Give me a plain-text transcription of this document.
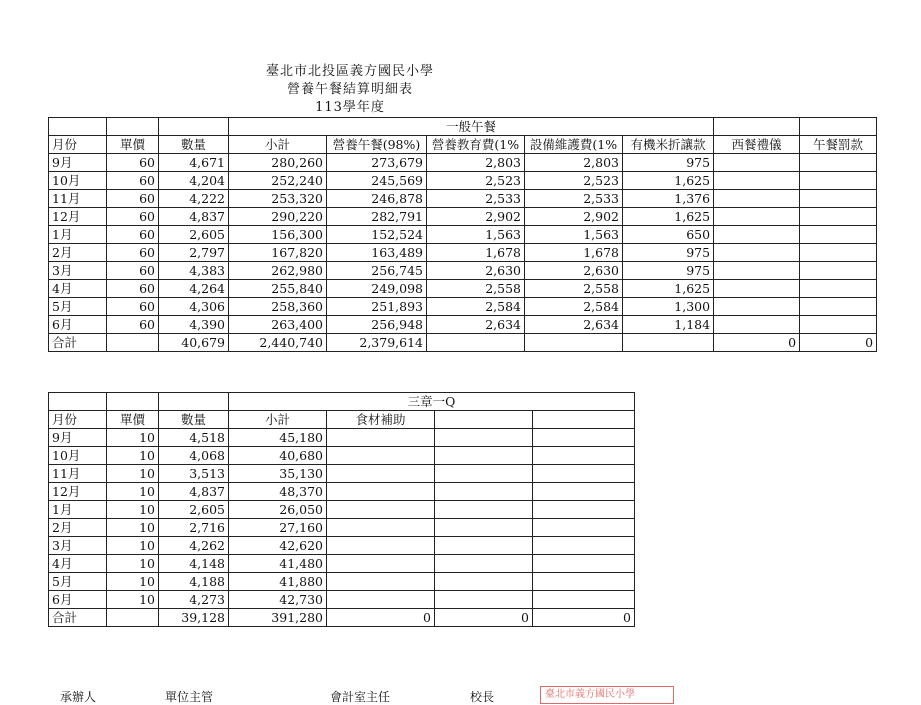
臺北市北投區義方國民小學
營養午餐結算明細表
113學年度
			一般午餐						
月份	單價	數量	小計	營養午餐(98%)	營養教育費(1%	設備維護費(1%	有機米折讓款	西餐禮儀	午餐罰款
9月	60	4,671	280,260	273,679	2,803	2,803	975		
10月	60	4,204	252,240	245,569	2,523	2,523	1,625		
11月	60	4,222	253,320	246,878	2,533	2,533	1,376		
12月	60	4,837	290,220	282,791	2,902	2,902	1,625		
1月	60	2,605	156,300	152,524	1,563	1,563	650		
2月	60	2,797	167,820	163,489	1,678	1,678	975		
3月	60	4,383	262,980	256,745	2,630	2,630	975		
4月	60	4,264	255,840	249,098	2,558	2,558	1,625		
5月	60	4,306	258,360	251,893	2,584	2,584	1,300		
6月	60	4,390	263,400	256,948	2,634	2,634	1,184		
合計		40,679	2,440,740	2,379,614				0	0
			三章一Q			
月份	單價	數量	小計	食材補助		
9月	10	4,518	45,180			
10月	10	4,068	40,680			
11月	10	3,513	35,130			
12月	10	4,837	48,370			
1月	10	2,605	26,050			
2月	10	2,716	27,160			
3月	10	4,262	42,620			
4月	10	4,148	41,480			
5月	10	4,188	41,880			
6月	10	4,273	42,730			
合計		39,128	391,280	0	0	0
承辦人	單位主管	會計室主任	校長	臺北市義方國民小學
